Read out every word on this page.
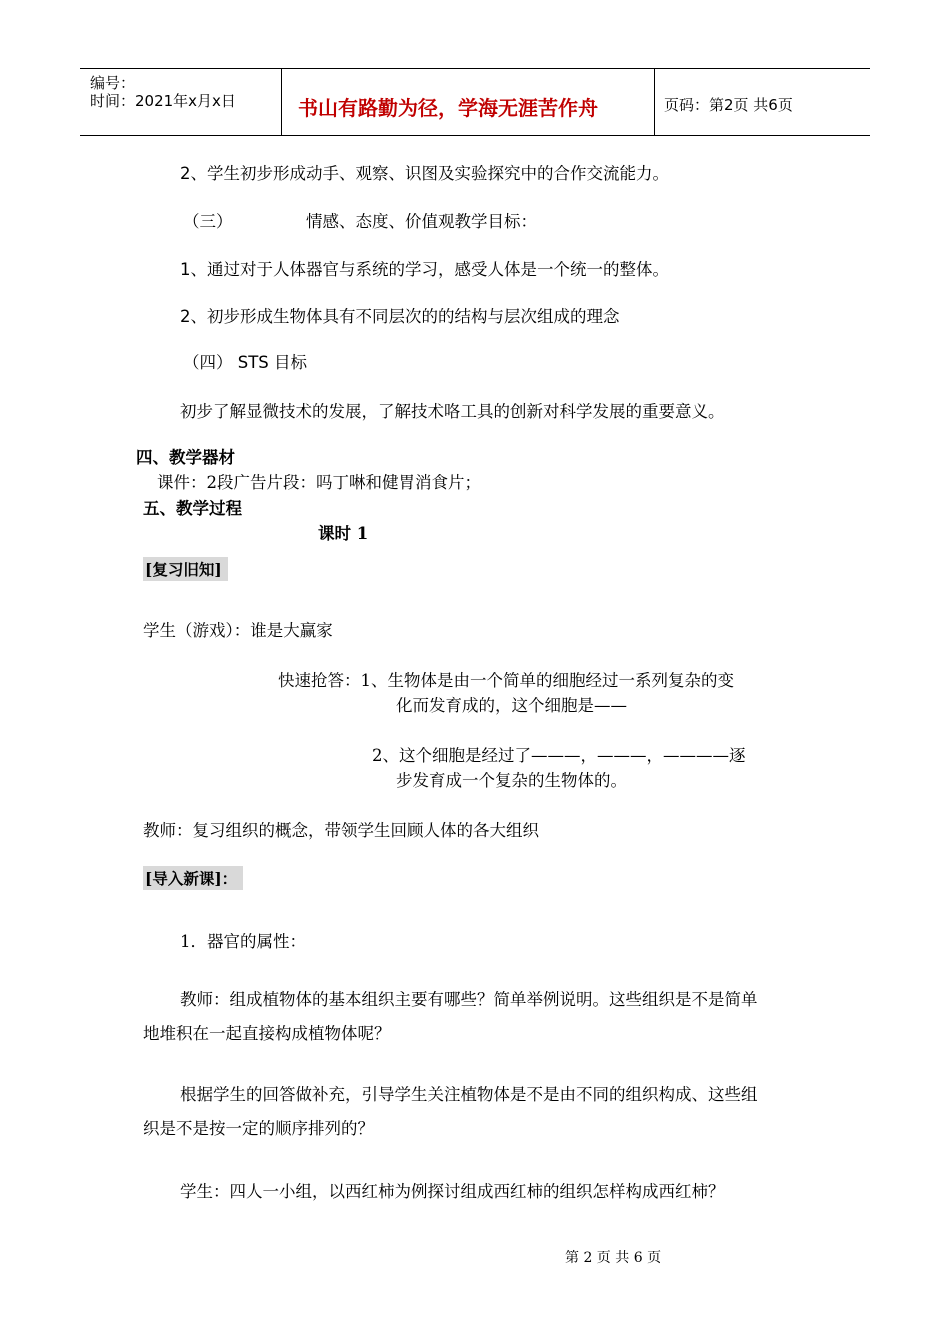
编号：
时间：2021年x月x日	书山有路勤为径，学海无涯苦作舟	页码：第2页 共6页
2、学生初步形成动手、观察、识图及实验探究中的合作交流能力。
（三）	情感、态度、价值观教学目标：
1、通过对于人体器官与系统的学习，感受人体是一个统一的整体。
2、初步形成生物体具有不同层次的的结构与层次组成的理念
（四） STS 目标
初步了解显微技术的发展，了解技术咯工具的创新对科学发展的重要意义。
四、教学器材
课件：2段广告片段：吗丁啉和健胃消食片；
五、教学过程
课时 1
[复习旧知]
学生（游戏）：谁是大赢家
快速抢答：1、生物体是由一个简单的细胞经过一系列复杂的变
化而发育成的，这个细胞是——
2、这个细胞是经过了———，———，————逐
步发育成一个复杂的生物体的。
教师：复习组织的概念，带领学生回顾人体的各大组织
[导入新课]：
1．器官的属性：
教师：组成植物体的基本组织主要有哪些？简单举例说明。这些组织是不是简单
地堆积在一起直接构成植物体呢？
根据学生的回答做补充，引导学生关注植物体是不是由不同的组织构成、这些组
织是不是按一定的顺序排列的？
学生：四人一小组，以西红柿为例探讨组成西红柿的组织怎样构成西红柿？
第 2 页 共 6 页
